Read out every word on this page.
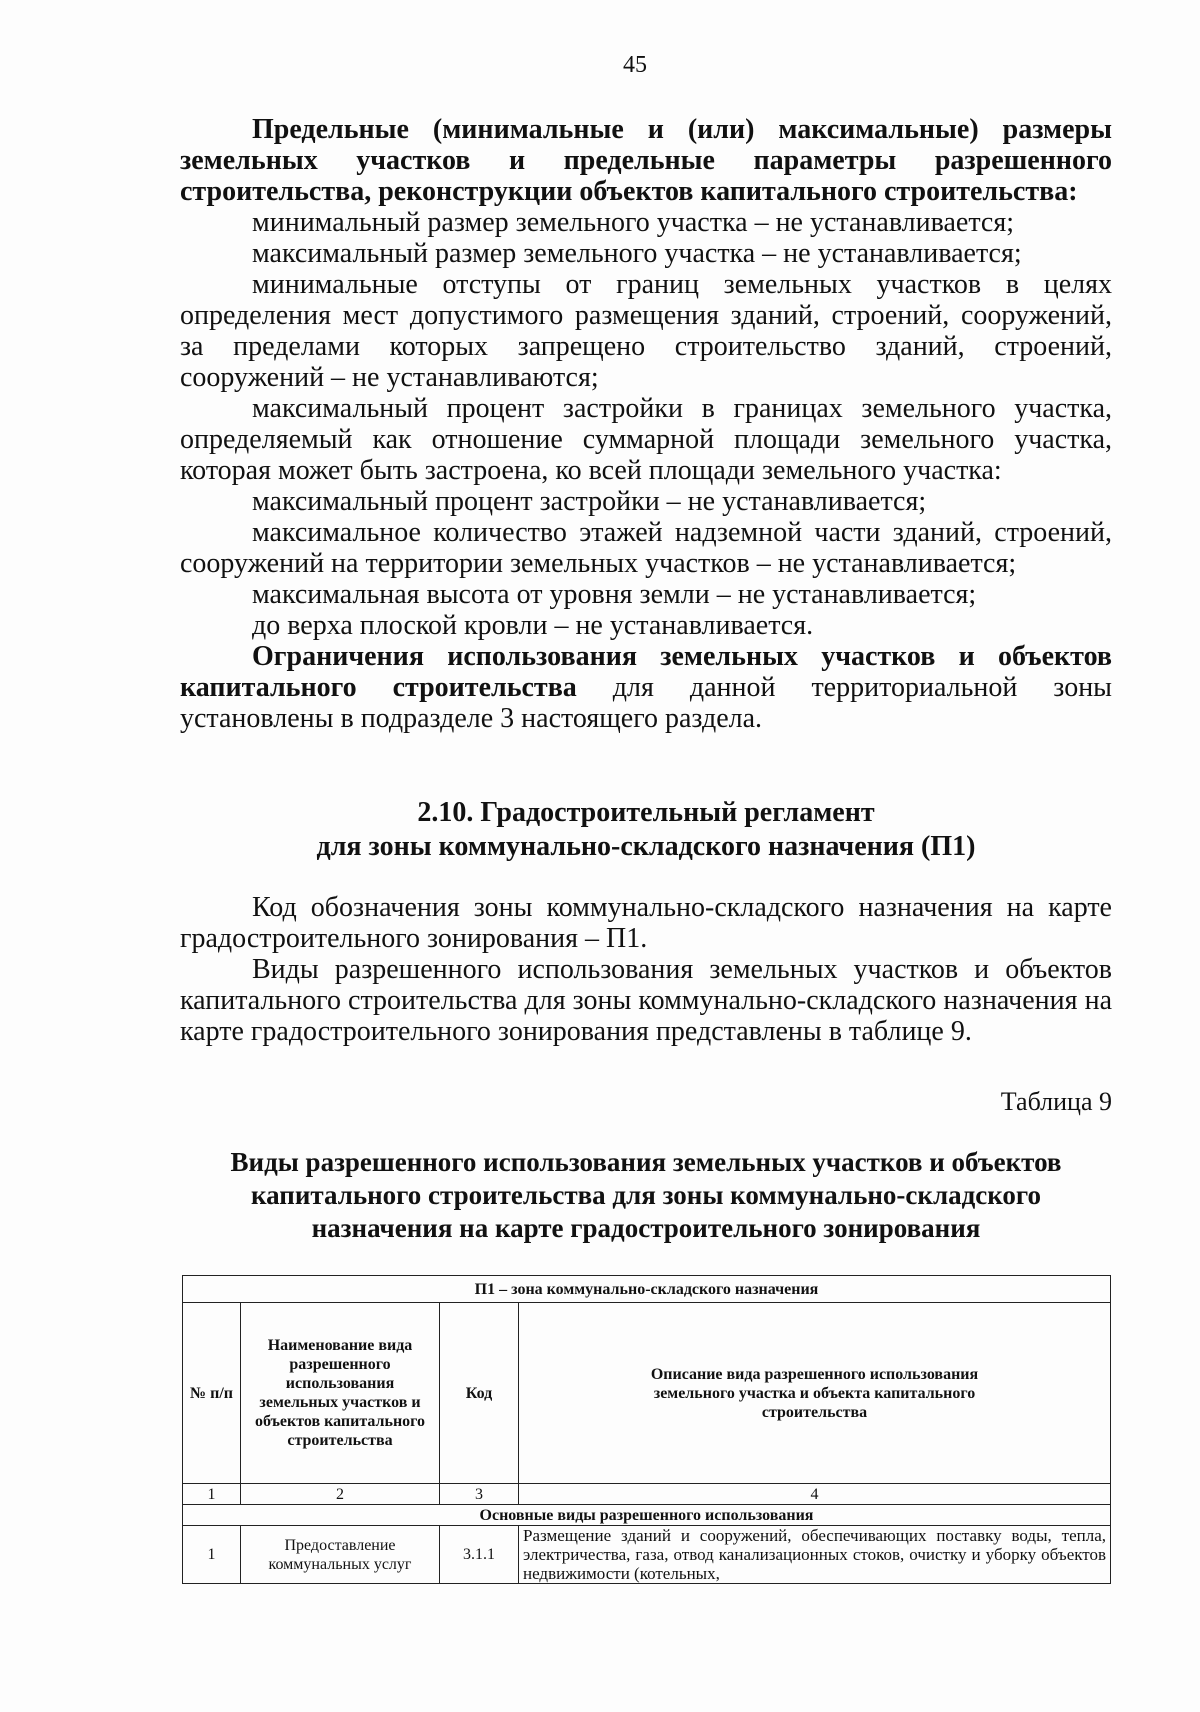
45

Предельные (минимальные и (или) максимальные) размеры земельных участков и предельные параметры разрешенного строительства, реконструкции объектов капитального строительства:

минимальный размер земельного участка – не устанавливается;

максимальный размер земельного участка – не устанавливается;

минимальные отступы от границ земельных участков в целях определения мест допустимого размещения зданий, строений, сооружений, за пределами которых запрещено строительство зданий, строений, сооружений – не устанавливаются;

максимальный процент застройки в границах земельного участка, определяемый как отношение суммарной площади земельного участка, которая может быть застроена, ко всей площади земельного участка:

максимальный процент застройки – не устанавливается;

максимальное количество этажей надземной части зданий, строений, сооружений на территории земельных участков – не устанавливается;

максимальная высота от уровня земли – не устанавливается;

до верха плоской кровли – не устанавливается.

Ограничения использования земельных участков и объектов капитального строительства для данной территориальной зоны установлены в подразделе 3 настоящего раздела.

2.10. Градостроительный регламент
для зоны коммунально-складского назначения (П1)

Код обозначения зоны коммунально-складского назначения на карте градостроительного зонирования – П1.

Виды разрешенного использования земельных участков и объектов капитального строительства для зоны коммунально-складского назначения на карте градостроительного зонирования представлены в таблице 9.

Таблица 9
Виды разрешенного использования земельных участков и объектов
капитального строительства для зоны коммунально-складского
назначения на карте градостроительного зонирования
П1 – зона коммунально-складского назначения			
№ п/п	Наименование вида разрешенного использования земельных участков и объектов капитального строительства	Код	Описание вида разрешенного использования земельного участка и объекта капитального строительства
1	2	3	4
Основные виды разрешенного использования			
1	Предоставление коммунальных услуг	3.1.1	Размещение зданий и сооружений, обеспечивающих поставку воды, тепла, электричества, газа, отвод канализационных стоков, очистку и уборку объектов недвижимости (котельных,
